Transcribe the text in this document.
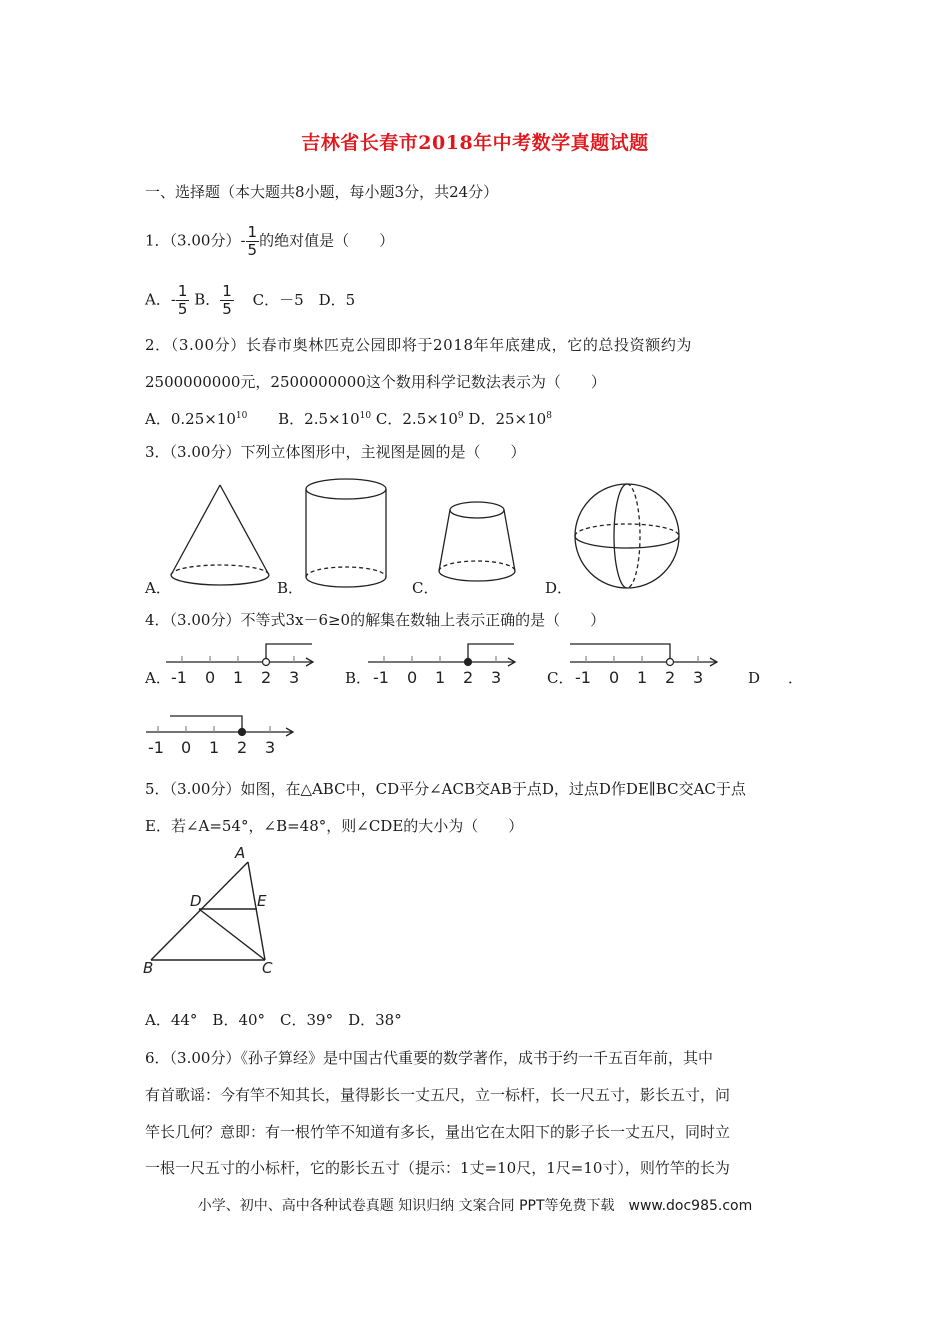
吉林省长春市2018年中考数学真题试题
一、选择题（本大题共8小题，每小题3分，共24分）
1．（3.00分）- $\frac{1}{5}$ 的绝对值是（　　）
A．- $\frac{1}{5}$ B． $\frac{1}{5}$ C．－5　D．5
2．（3.00分）长春市奥林匹克公园即将于2018年年底建成，它的总投资额约为
2500000000元，2500000000这个数用科学记数法表示为（　　）
A．$0.25\times 10^{10}$ B．$2.5\times 10^{10}$ C．$2.5\times 10^9$ D．$25\times 10^8$
3．（3.00分）下列立体图形中，主视图是圆的是（　　）
A．	B．	C．	D．
4．（3.00分）不等式3x－6≥0的解集在数轴上表示正确的是（　　）
-1 0 1 2 3	-1 0 1 2 3	-1 0 1 2 3
A．	B．	C．	D ．
-1 0 1 2 3
5．（3.00分）如图，在△ABC中，CD平分∠ACB交AB于点D，过点D作DE∥BC交AC于点
E．若∠A=54°，∠B=48°，则∠CDE的大小为（　　）
A
D	E
B	C
A．44°　B．40°　C．39°　D．38°
6．（3.00分）《孙子算经》是中国古代重要的数学著作，成书于约一千五百年前，其中
有首歌谣：今有竿不知其长，量得影长一丈五尺，立一标杆，长一尺五寸，影长五寸，问
竿长几何？意即：有一根竹竿不知道有多长，量出它在太阳下的影子长一丈五尺，同时立
一根一尺五寸的小标杆，它的影长五寸（提示：1丈=10尺，1尺=10寸），则竹竿的长为
小学、初中、高中各种试卷真题 知识归纳 文案合同 PPT等免费下载　www.doc985.com
